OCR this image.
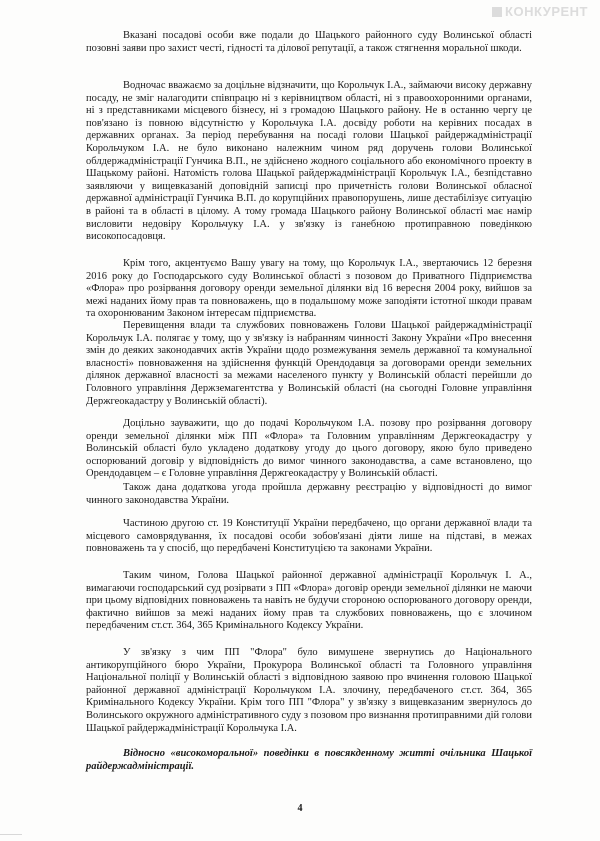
КОНКУРЕНТ

Вказані посадові особи вже подали до Шацького районного суду Волинської області позовні заяви про захист честі, гідності та ділової репутації, а також стягнення моральної шкоди.

Водночас вважаємо за доцільне відзначити, що Корольчук І.А., займаючи високу державну посаду, не зміг налагодити співпрацю ні з керівництвом області, ні з правоохоронними органами, ні з представниками місцевого бізнесу, ні з громадою Шацького району. Не в останню чергу це пов'язано із повною відсутністю у Корольчука І.А. досвіду роботи на керівних посадах в державних органах. За період перебування на посаді голови Шацької райдержадміністрації Корольчуком І.А. не було виконано належним чином ряд доручень голови Волинської облдержадміністрації Гунчика В.П., не здійснено жодного соціального або економічного проекту в Шацькому районі. Натомість голова Шацької райдержадміністрації Корольчук І.А., безпідставно заявляючи у вищевказаній доповідній записці про причетність голови Волинської обласної державної адміністрації Гунчика В.П. до корупційних правопорушень, лише дестабілізує ситуацію в районі та в області в цілому. А тому громада Шацького району Волинської області має намір висловити недовіру Корольчуку І.А. у зв'язку із ганебною протиправною поведінкою високопосадовця.

Крім того, акцентуємо Вашу увагу на тому, що Корольчук І.А., звертаючись 12 березня 2016 року до Господарського суду Волинської області з позовом до Приватного Підприємства «Флора» про розірвання договору оренди земельної ділянки від 16 вересня 2004 року, вийшов за межі наданих йому прав та повноважень, що в подальшому може заподіяти істотної шкоди правам та охоронюваним Законом інтересам підприємства.

Перевищення влади та службових повноважень Голови Шацької райдержадміністрації Корольчук І.А. полягає у тому, що у зв'язку із набранням чинності Закону України «Про внесення змін до деяких законодавчих актів України щодо розмежування земель державної та комунальної власності» повноваження на здійснення функцій Орендодавця за договорами оренди земельних ділянок державної власності за межами населеного пункту у Волинській області перейшли до Головного управління Держземагентства у Волинській області (на сьогодні Головне управління Держгеокадастру у Волинській області).

Доцільно зауважити, що до подачі Корольчуком І.А. позову про розірвання договору оренди земельної ділянки між ПП «Флора» та Головним управлінням Держгеокадастру у Волинській області було укладено додаткову угоду до цього договору, якою було приведено оспорюваний договір у відповідність до вимог чинного законодавства, а саме встановлено, що Орендодавцем – є Головне управління Держгеокадастру у Волинській області.

Також дана додаткова угода пройшла державну реєстрацію у відповідності до вимог чинного законодавства України.

Частиною другою ст. 19 Конституції України передбачено, що органи державної влади та місцевого самоврядування, їх посадові особи зобов'язані діяти лише на підставі, в межах повноважень та у спосіб, що передбачені Конституцією та законами України.

Таким чином, Голова Шацької районної державної адміністрації Корольчук І. А., вимагаючи господарський суд розірвати з ПП «Флора» договір оренди земельної ділянки не маючи при цьому відповідних повноважень та навіть не будучи стороною оспорюваного договору оренди, фактично вийшов за межі наданих йому прав та службових повноважень, що є злочином передбаченим ст.ст. 364, 365 Кримінального Кодексу України.

У зв'язку з чим ПП "Флора" було вимушене звернутись до Національного антикорупційного бюро України, Прокурора Волинської області та Головного управління Національної поліції у Волинській області з відповідною заявою про вчинення головою Шацької районної державної адміністрації Корольчуком І.А. злочину, передбаченого ст.ст. 364, 365 Кримінального Кодексу України. Крім того ПП "Флора" у зв'язку з вищевказаним звернулось до Волинського окружного адміністративного суду з позовом про визнання протиправними дій голови Шацької райдержадміністрації Корольчука І.А.

Відносно «високоморальної» поведінки в повсякденному житті очільника Шацької райдержадміністрації.

4
